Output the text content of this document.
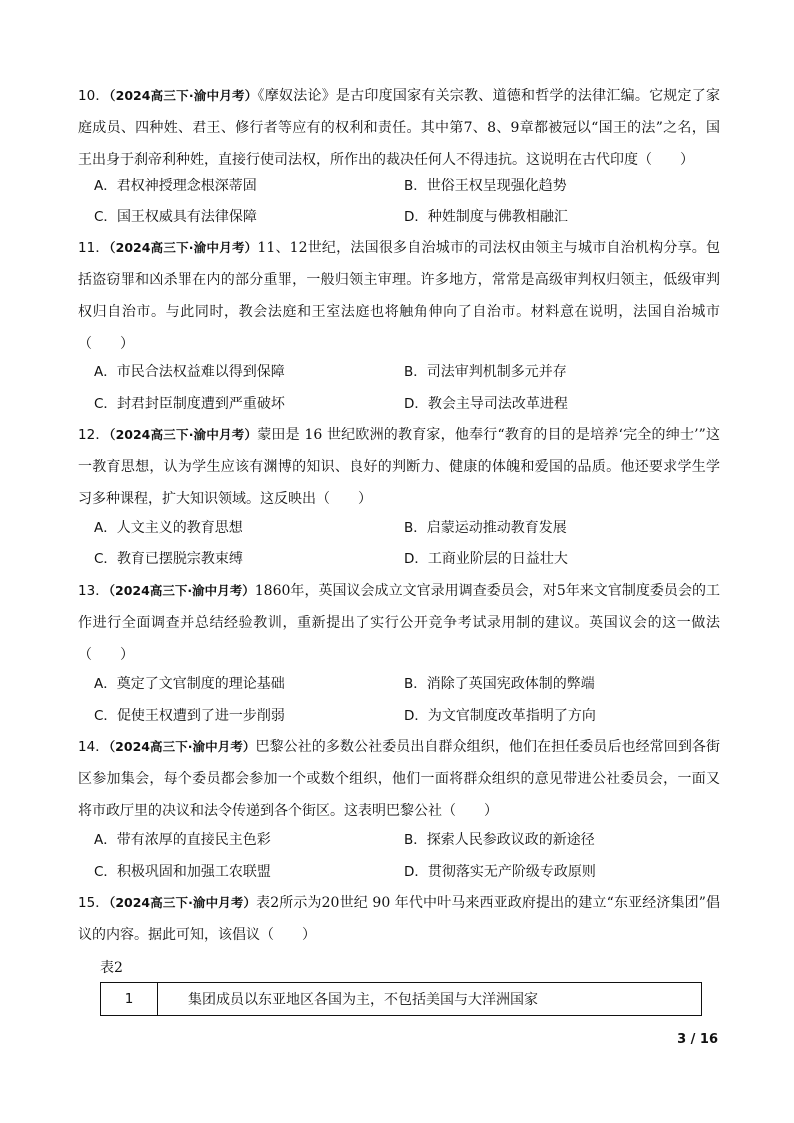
10．（2024高三下·渝中月考）《摩奴法论》是古印度国家有关宗教、道德和哲学的法律汇编。它规定了家庭成员、四种姓、君王、修行者等应有的权利和责任。其中第7、8、9章都被冠以“国王的法”之名，国王出身于刹帝利种姓，直接行使司法权，所作出的裁决任何人不得违抗。这说明在古代印度（　　）

A．君权神授理念根深蒂固	B．世俗王权呈现强化趋势
C．国王权威具有法律保障	D．种姓制度与佛教相融汇

11．（2024高三下·渝中月考）11、12世纪，法国很多自治城市的司法权由领主与城市自治机构分享。包括盗窃罪和凶杀罪在内的部分重罪，一般归领主审理。许多地方，常常是高级审判权归领主，低级审判权归自治市。与此同时，教会法庭和王室法庭也将触角伸向了自治市。材料意在说明，法国自治城市（　　）

A．市民合法权益难以得到保障	B．司法审判机制多元并存
C．封君封臣制度遭到严重破坏	D．教会主导司法改革进程

12．（2024高三下·渝中月考）蒙田是 16 世纪欧洲的教育家，他奉行“教育的目的是培养‘完全的绅士’”这一教育思想，认为学生应该有渊博的知识、良好的判断力、健康的体魄和爱国的品质。他还要求学生学习多种课程，扩大知识领域。这反映出（　　）

A．人文主义的教育思想	B．启蒙运动推动教育发展
C．教育已摆脱宗教束缚	D．工商业阶层的日益壮大

13．（2024高三下·渝中月考）1860年，英国议会成立文官录用调查委员会，对5年来文官制度委员会的工作进行全面调查并总结经验教训，重新提出了实行公开竞争考试录用制的建议。英国议会的这一做法（　　）

A．奠定了文官制度的理论基础	B．消除了英国宪政体制的弊端
C．促使王权遭到了进一步削弱	D．为文官制度改革指明了方向

14．（2024高三下·渝中月考）巴黎公社的多数公社委员出自群众组织，他们在担任委员后也经常回到各街区参加集会，每个委员都会参加一个或数个组织，他们一面将群众组织的意见带进公社委员会，一面又将市政厅里的决议和法令传递到各个街区。这表明巴黎公社（　　）

A．带有浓厚的直接民主色彩	B．探索人民参政议政的新途径
C．积极巩固和加强工农联盟	D．贯彻落实无产阶级专政原则

15．（2024高三下·渝中月考）表2所示为20世纪 90 年代中叶马来西亚政府提出的建立“东亚经济集团”倡议的内容。据此可知，该倡议（　　）

表2
1	集团成员以东亚地区各国为主，不包括美国与大洋洲国家
3 / 16
